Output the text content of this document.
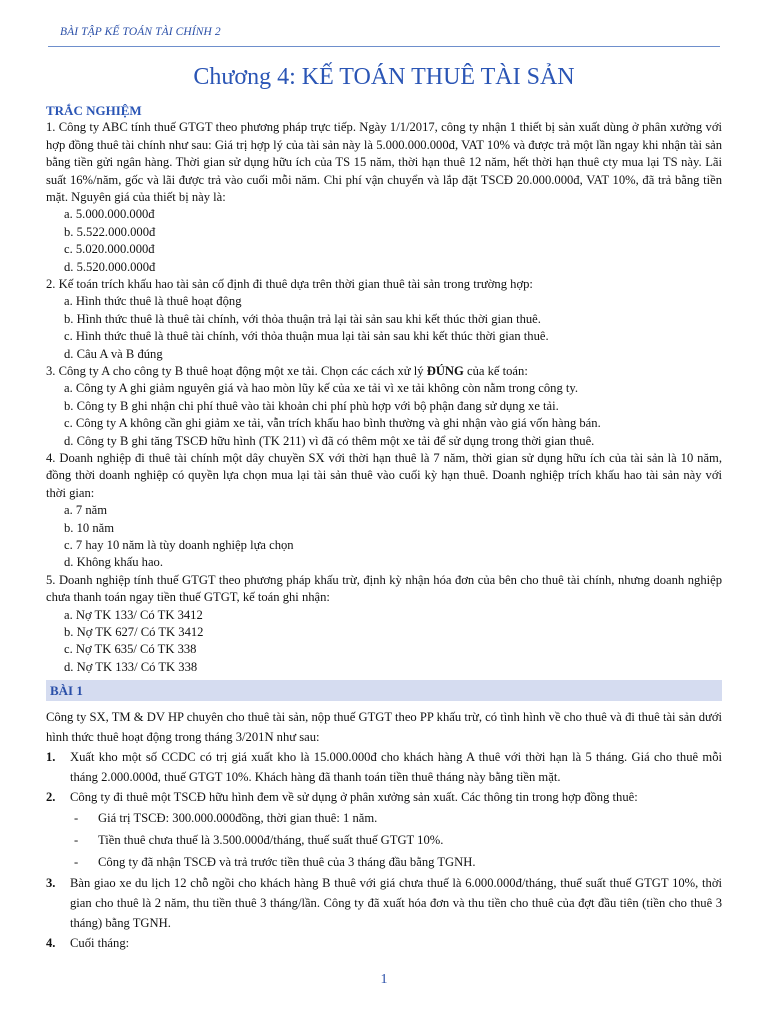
BÀI TẬP KẾ TOÁN TÀI CHÍNH 2
Chương 4: KẾ TOÁN THUÊ TÀI SẢN
TRẮC NGHIỆM

1. Công ty ABC tính thuế GTGT theo phương pháp trực tiếp. Ngày 1/1/2017, công ty nhận 1 thiết bị sản xuất dùng ở phân xưởng với hợp đồng thuê tài chính như sau: Giá trị hợp lý của tài sản này là 5.000.000.000đ, VAT 10% và được trả một lần ngay khi nhận tài sản bằng tiền gửi ngân hàng. Thời gian sử dụng hữu ích của TS 15 năm, thời hạn thuê 12 năm, hết thời hạn thuê cty mua lại TS này. Lãi suất 16%/năm, gốc và lãi được trả vào cuối mỗi năm. Chi phí vận chuyển và lắp đặt TSCĐ 20.000.000đ, VAT 10%, đã trả bằng tiền mặt. Nguyên giá của thiết bị này là:

a. 5.000.000.000đ
b. 5.522.000.000đ
c. 5.020.000.000đ
d. 5.520.000.000đ

2. Kế toán trích khấu hao tài sản cố định đi thuê dựa trên thời gian thuê tài sản trong trường hợp:

a. Hình thức thuê là thuê hoạt động
b. Hình thức thuê là thuê tài chính, với thỏa thuận trả lại tài sản sau khi kết thúc thời gian thuê.
c. Hình thức thuê là thuê tài chính, với thỏa thuận mua lại tài sản sau khi kết thúc thời gian thuê.
d. Câu A và B đúng

3. Công ty A cho công ty B thuê hoạt động một xe tải. Chọn các cách xử lý ĐÚNG của kế toán:

a. Công ty A ghi giảm nguyên giá và hao mòn lũy kế của xe tải vì xe tải không còn nằm trong công ty.
b. Công ty B ghi nhận chi phí thuê vào tài khoản chi phí phù hợp với bộ phận đang sử dụng xe tải.
c. Công ty A không cần ghi giảm xe tải, vẫn trích khấu hao bình thường và ghi nhận vào giá vốn hàng bán.
d. Công ty B ghi tăng TSCĐ hữu hình (TK 211) vì đã có thêm một xe tải để sử dụng trong thời gian thuê.

4. Doanh nghiệp đi thuê tài chính một dây chuyền SX với thời hạn thuê là 7 năm, thời gian sử dụng hữu ích của tài sản là 10 năm, đồng thời doanh nghiệp có quyền lựa chọn mua lại tài sản thuê vào cuối kỳ hạn thuê. Doanh nghiệp trích khấu hao tài sản này với thời gian:

a. 7 năm
b. 10 năm
c. 7 hay 10 năm là tùy doanh nghiệp lựa chọn
d. Không khấu hao.

5. Doanh nghiệp tính thuế GTGT theo phương pháp khấu trừ, định kỳ nhận hóa đơn của bên cho thuê tài chính, nhưng doanh nghiệp chưa thanh toán ngay tiền thuế GTGT, kế toán ghi nhận:

a. Nợ TK 133/ Có TK 3412
b. Nợ TK 627/ Có TK 3412
c. Nợ TK 635/ Có TK 338
d. Nợ TK 133/ Có TK 338
BÀI 1

Công ty SX, TM & DV HP chuyên cho thuê tài sản, nộp thuế GTGT theo PP khấu trừ, có tình hình về cho thuê và đi thuê tài sản dưới hình thức thuê hoạt động trong tháng 3/201N như sau:

1. Xuất kho một số CCDC có trị giá xuất kho là 15.000.000đ cho khách hàng A thuê với thời hạn là 5 tháng. Giá cho thuê mỗi tháng 2.000.000đ, thuế GTGT 10%. Khách hàng đã thanh toán tiền thuê tháng này bằng tiền mặt.
2. Công ty đi thuê một TSCĐ hữu hình đem về sử dụng ở phân xưởng sản xuất. Các thông tin trong hợp đồng thuê:
- Giá trị TSCĐ: 300.000.000đồng, thời gian thuê: 1 năm.
- Tiền thuê chưa thuế là 3.500.000đ/tháng, thuế suất thuế GTGT 10%.
- Công ty đã nhận TSCĐ và trả trước tiền thuê của 3 tháng đầu bằng TGNH.
3. Bàn giao xe du lịch 12 chỗ ngồi cho khách hàng B thuê với giá chưa thuế là 6.000.000đ/tháng, thuế suất thuế GTGT 10%, thời gian cho thuê là 2 năm, thu tiền thuê 3 tháng/lần. Công ty đã xuất hóa đơn và thu tiền cho thuê của đợt đầu tiên (tiền cho thuê 3 tháng) bằng TGNH.
4. Cuối tháng:
1
